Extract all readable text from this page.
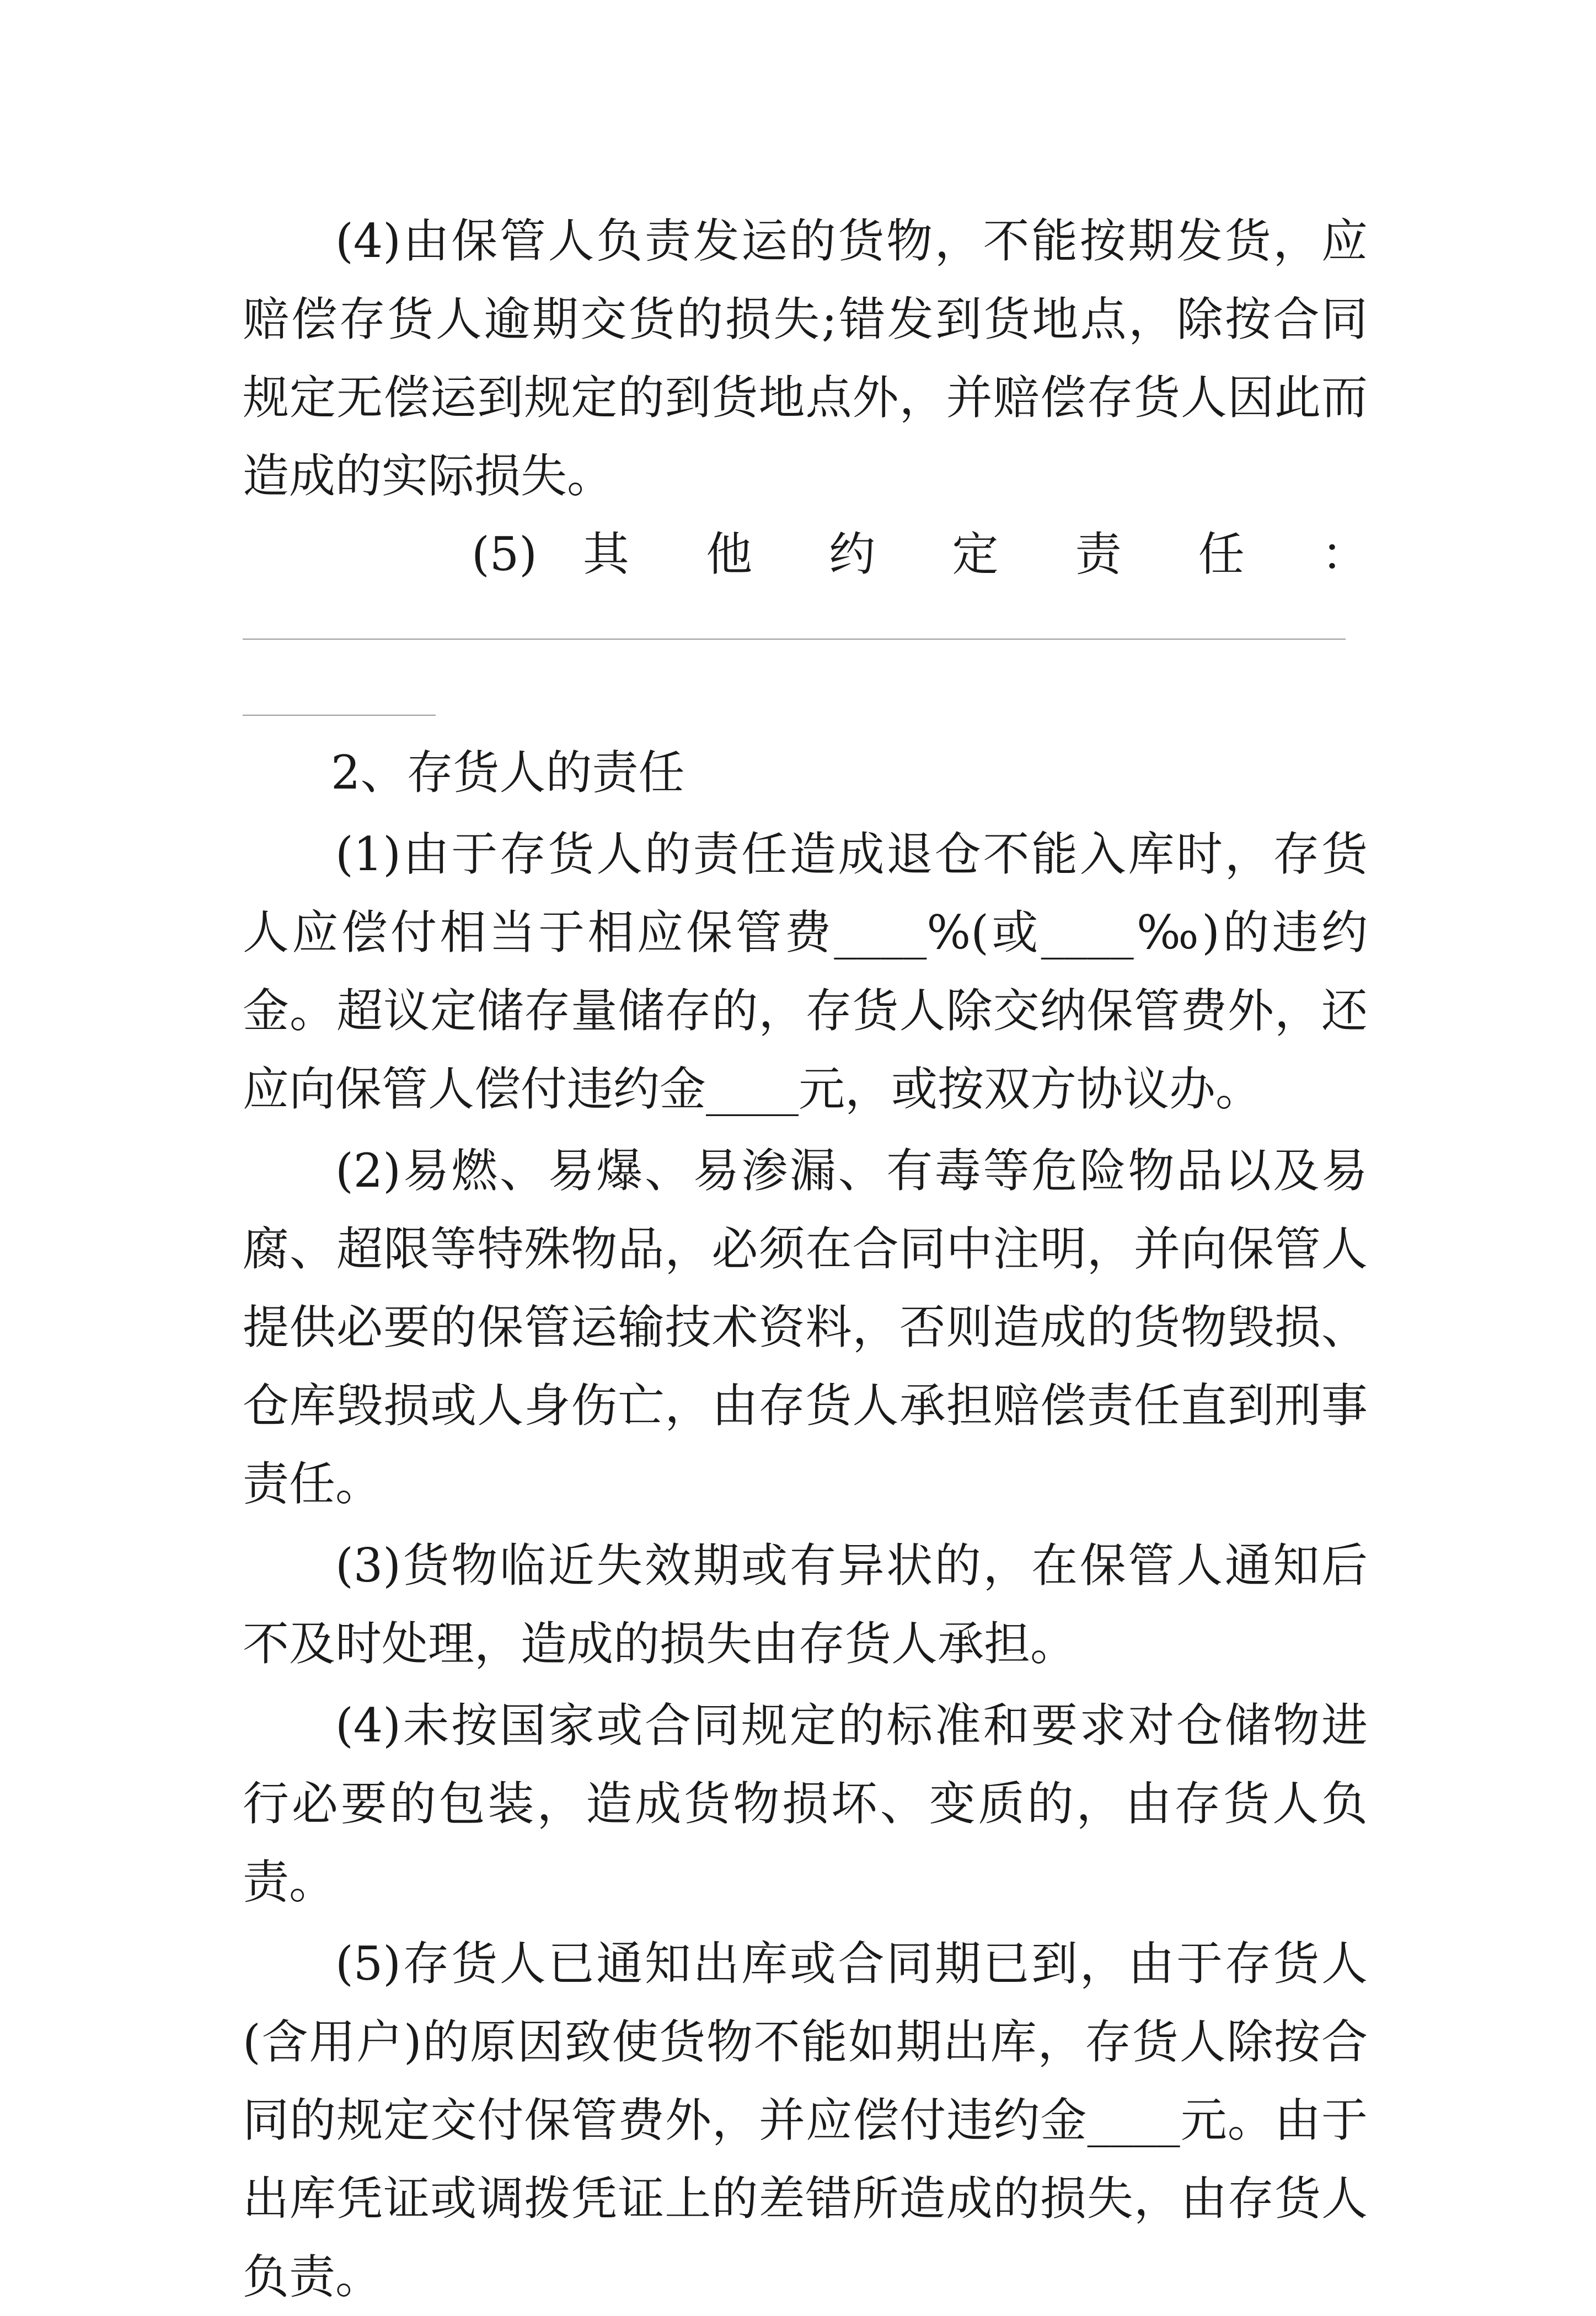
(4)由保管人负责发运的货物，不能按期发货，应赔偿存货人逾期交货的损失;错发到货地点，除按合同规定无偿运到规定的到货地点外，并赔偿存货人因此而造成的实际损失。

(5) 其 他 约 定 责 任 ：

2、存货人的责任

(1)由于存货人的责任造成退仓不能入库时，存货人应偿付相当于相应保管费____%(或____‰)的违约金。超议定储存量储存的，存货人除交纳保管费外，还应向保管人偿付违约金____元，或按双方协议办。

(2)易燃、易爆、易渗漏、有毒等危险物品以及易腐、超限等特殊物品，必须在合同中注明，并向保管人提供必要的保管运输技术资料，否则造成的货物毁损、仓库毁损或人身伤亡，由存货人承担赔偿责任直到刑事责任。

(3)货物临近失效期或有异状的，在保管人通知后不及时处理，造成的损失由存货人承担。

(4)未按国家或合同规定的标准和要求对仓储物进行必要的包装，造成货物损坏、变质的，由存货人负责。

(5)存货人已通知出库或合同期已到，由于存货人(含用户)的原因致使货物不能如期出库，存货人除按合同的规定交付保管费外，并应偿付违约金____元。由于出库凭证或调拨凭证上的差错所造成的损失，由存货人负责。
